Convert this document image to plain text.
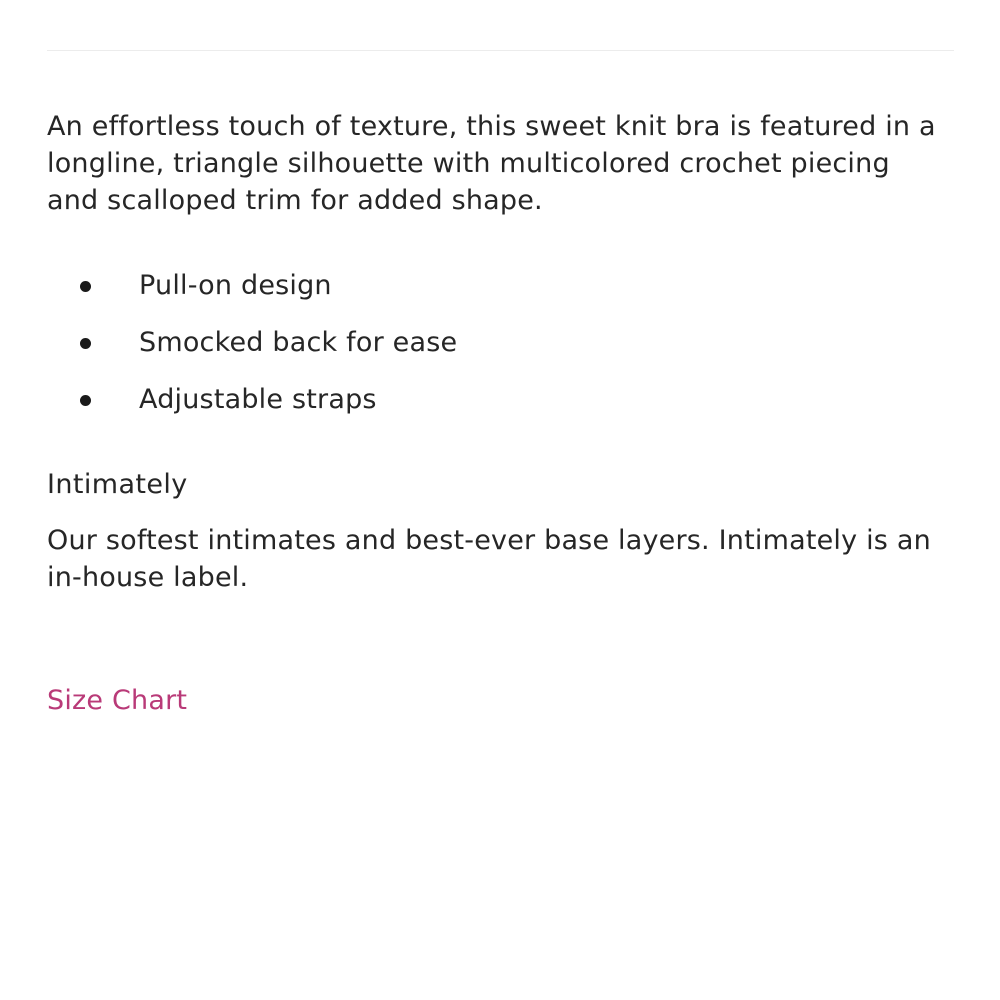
An effortless touch of texture, this sweet knit bra is featured in a longline, triangle silhouette with multicolored crochet piecing and scalloped trim for added shape.

Pull-on design
Smocked back for ease
Adjustable straps
Intimately

Our softest intimates and best-ever base layers. Intimately is an in-house label.

Size Chart
